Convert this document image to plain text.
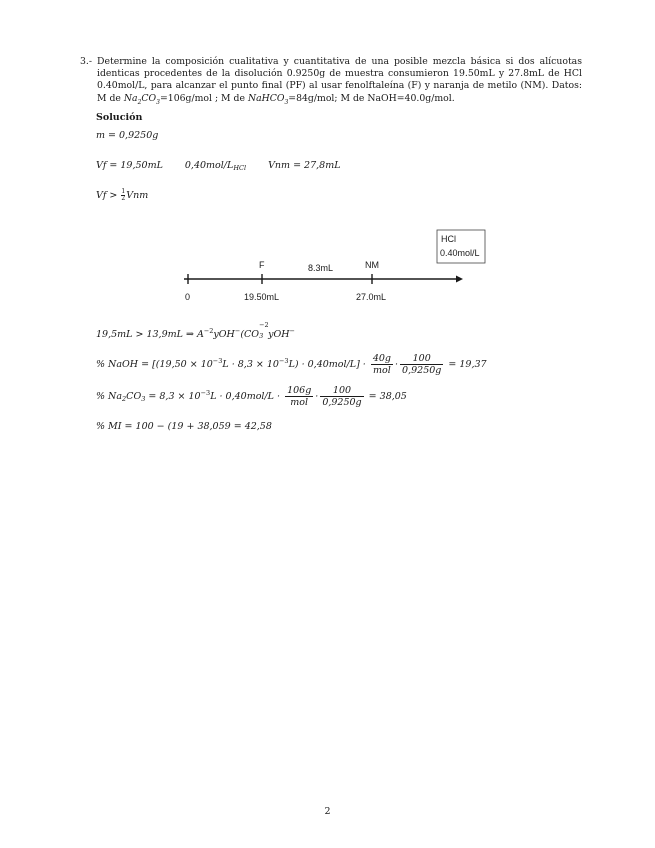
3.- Determine la composición cualitativa y cuantitativa de una posible mezcla básica si dos alícuotas identicas procedentes de la disolución 0.9250g de muestra consumieron 19.50mL y 27.8mL de HCl 0.40mol/L, para alcanzar el punto final (PF) al usar fenolftaleína (F) y naranja de metilo (NM). Datos: M de $Na_2CO_3=106g$/mol ; M de NaHCO$_3$=84g/mol; M de NaOH=40.0g/mol.
Solución
m = 0,9250g
Vf = 19,50mL $0,40mol/L_{HCl}$ Vnm = 27,8mL
$Vf > \frac{1}{2}$ Vnm
HCl
0.40mol/L
F	8.3mL	NM
0	19.50mL	27.0mL
19,5mL > 13,9mL ⇒ $A^{-2}yOH^-(CO$
−2
3 yOH−
% NaOH = $[(19,50 \times 10^{-3}L \cdot 8,3 \times 10^{-3}L) \cdot 0,40mol/L] \cdot \frac{40g}{\text{mol}} \cdot \frac{100}{0,9250g} = 19,37$
% $Na_2CO_3 = 8,3 \times 10^{-3}L \cdot 0,40mol/L \cdot \frac{106g}{\text{mol}} \cdot \frac{100}{0,9250g} = 38,05$
% MI = 100 − (19 + 38,059 = 42,58
2
